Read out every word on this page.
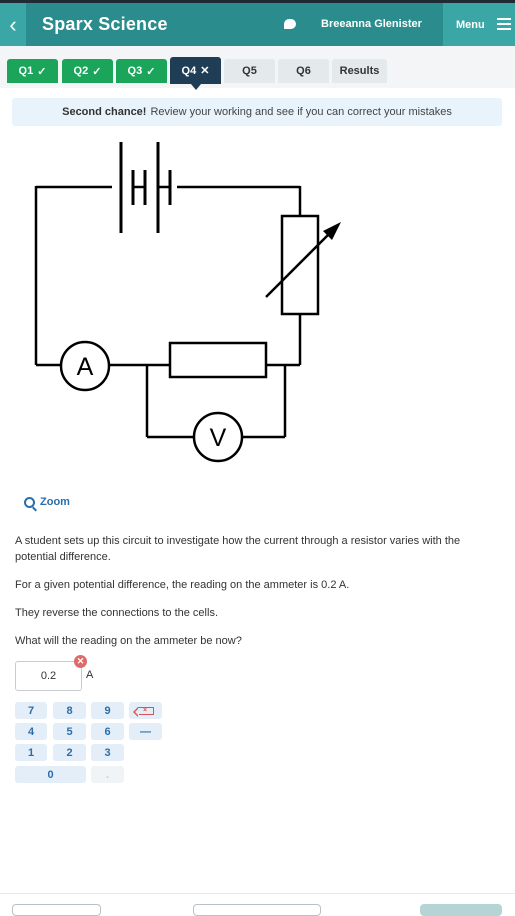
‹ Sparx Science	Breeanna Glenister	Menu
Q1 ✓ Q2 ✓ Q3 ✓ Q4 ✕	Q5	Q6	Results
Second chance! Review your working and see if you can correct your mistakes
A
V
Zoom
A student sets up this circuit to investigate how the current through a resistor varies with the potential difference.
For a given potential difference, the reading on the ammeter is 0.2 A.
They reverse the connections to the cells.
What will the reading on the ammeter be now?
0.2
✕
A
7	8	9	×
4	5	6	—
1	2	3
0	.
